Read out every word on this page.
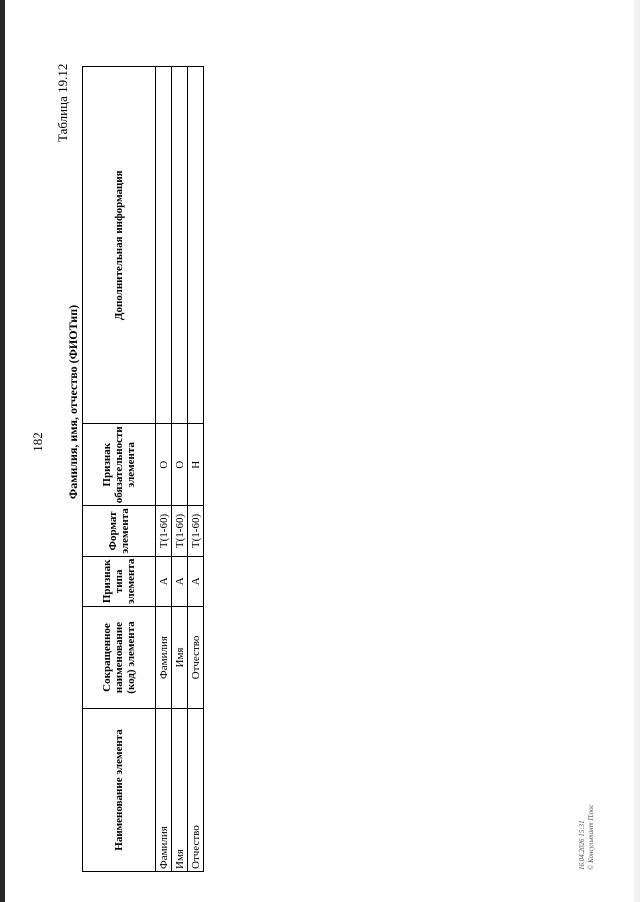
182
Таблица 19.12
Фамилия, имя, отчество (ФИОТип)
Наименование элемента	Сокращенное наименование (код) элемента	Признак типа элемента	Формат элемента	Признак обязательности элемента	Дополнительная информация
Фамилия	Фамилия	А	T(1-60)	О	
Имя	Имя	А	T(1-60)	О	
Отчество	Отчество	А	T(1-60)	Н	
16.04.2026 15:31 © Консультант Плюс
